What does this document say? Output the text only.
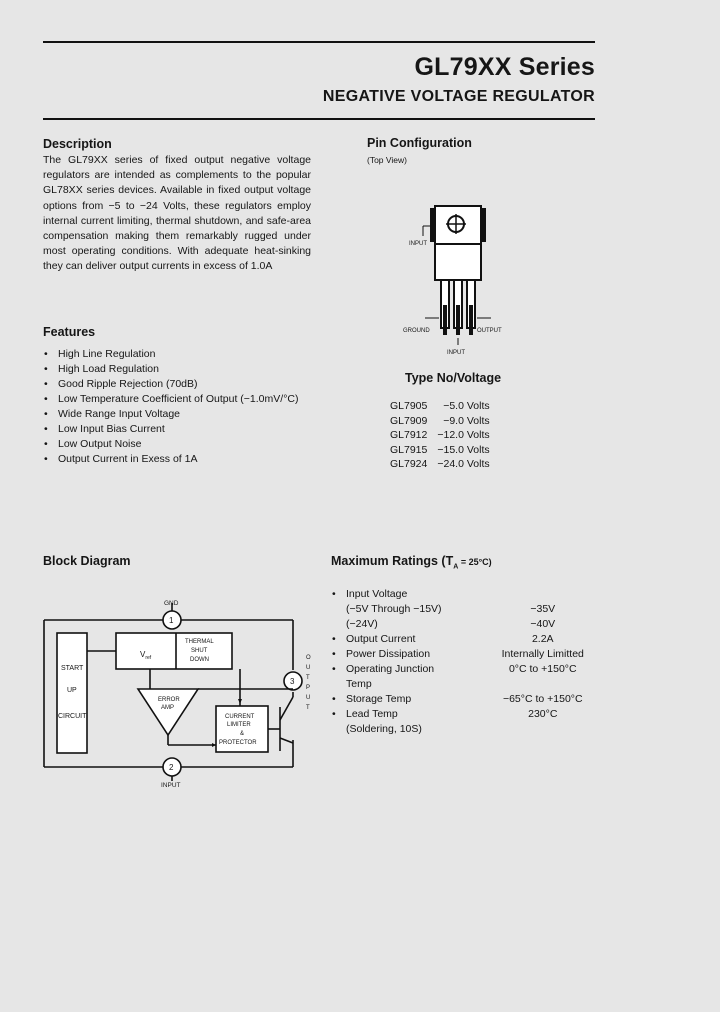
GL79XX Series
NEGATIVE VOLTAGE REGULATOR
Description
The GL79XX series of fixed output negative voltage regulators are intended as complements to the popular GL78XX series devices. Available in fixed output voltage options from −5 to −24 Volts, these regulators employ internal current limiting, thermal shutdown, and safe-area compensation making them remarkably rugged under most operating conditions. With adequate heat-sinking they can deliver output currents in excess of 1.0A
Features
• High Line Regulation
• High Load Regulation
• Good Ripple Rejection (70dB)
• Low Temperature Coefficient of Output (−1.0mV/°C)
• Wide Range Input Voltage
• Low Input Bias Current
• Low Output Noise
• Output Current in Exess of 1A
Pin Configuration
(Top View)
INPUT
GROUND	OUTPUT
INPUT
Type No/Voltage
GL7905	−5.0 Volts
GL7909	−9.0 Volts
GL7912	−12.0 Volts
GL7915	−15.0 Volts
GL7924	−24.0 Volts
Block Diagram
GND
1
2
3
START
UP
CIRCUIT
$V_{ref}$
THERMAL
SHUT
DOWN
ERROR
AMP
CURRENT
LIMITER
&
PROTECTOR
INPUT
O
U
T
P
U
T
Maximum Ratings $(T_A = 25^\circ C)$
•	Input Voltage	
	(−5V Through −15V)	−35V
	(−24V)	−40V
•	Output Current	2.2A
•	Power Dissipation	Internally Limitted
•	Operating Junction	0°C to +150°C
	Temp	
•	Storage Temp	−65°C to +150°C
•	Lead Temp	230°C
	(Soldering, 10S)	
